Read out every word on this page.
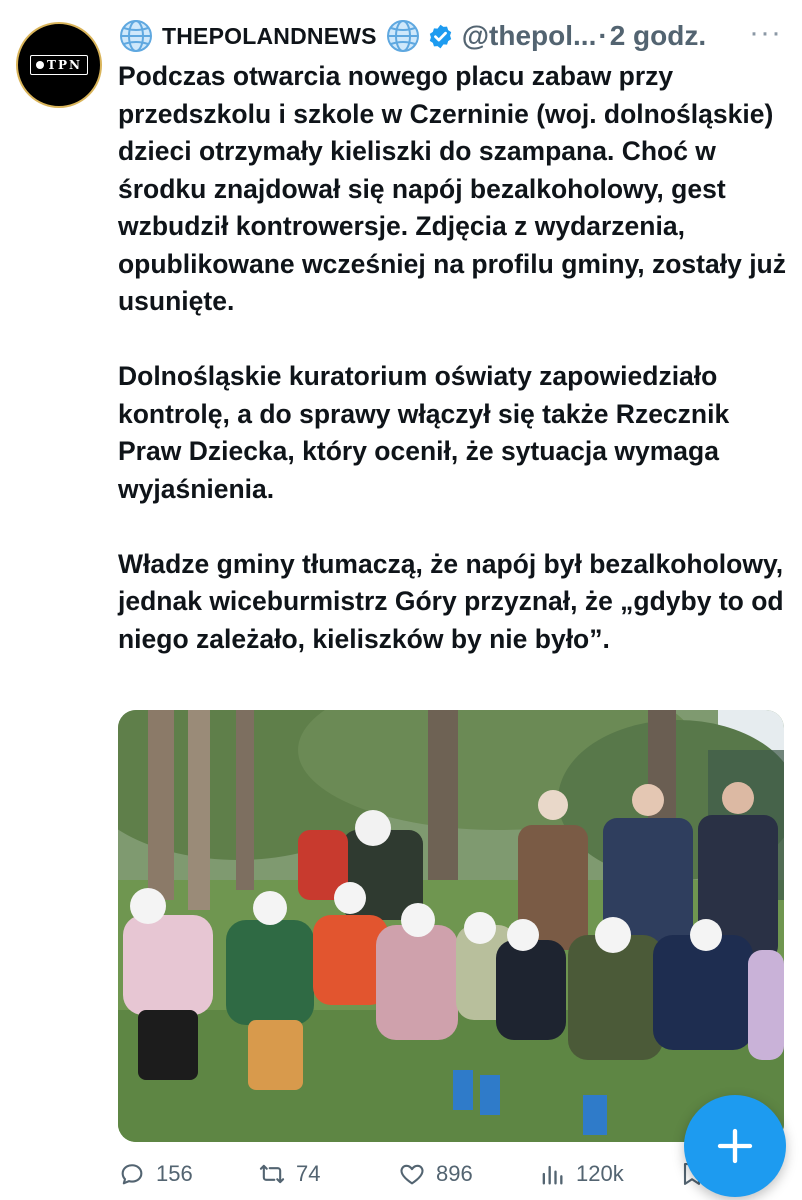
TPN
THEPOLANDNEWS	@thepol... · 2 godz. ···

Podczas otwarcia nowego placu zabaw przy przedszkolu i szkole w Czerninie (woj. dolnośląskie) dzieci otrzymały kieliszki do szampana. Choć w środku znajdował się napój bezalkoholowy, gest wzbudził kontrowersje. Zdjęcia z wydarzenia, opublikowane wcześniej na profilu gminy, zostały już usunięte.

Dolnośląskie kuratorium oświaty zapowiedziało kontrolę, a do sprawy włączył się także Rzecznik Praw Dziecka, który ocenił, że sytuacja wymaga wyjaśnienia.

Władze gminy tłumaczą, że napój był bezalkoholowy, jednak wiceburmistrz Góry przyznał, że „gdyby to od niego zależało, kieliszków by nie było”.

156	74	896	120k
